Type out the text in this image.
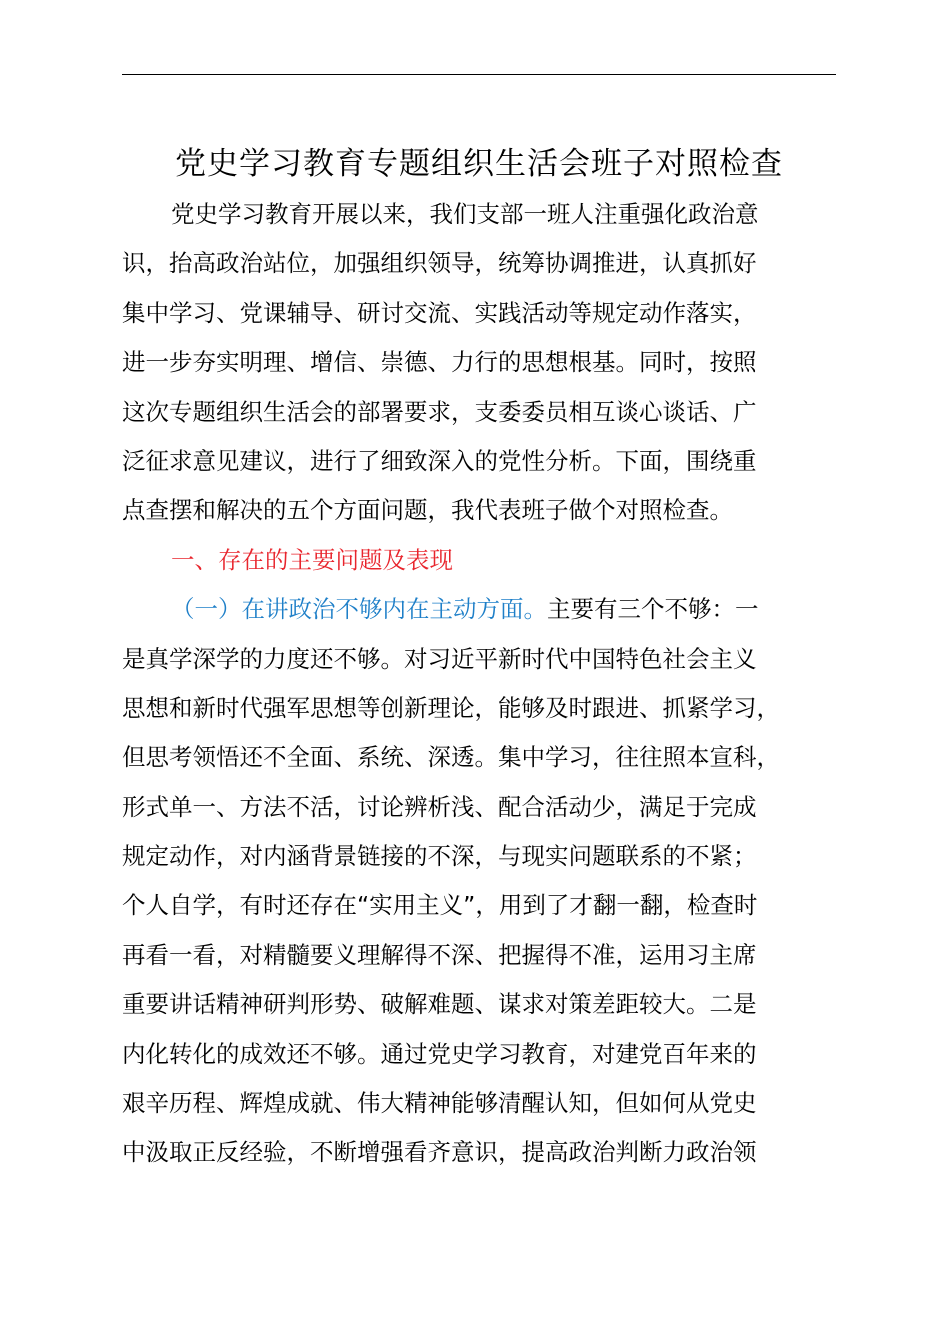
党史学习教育专题组织生活会班子对照检查
党史学习教育开展以来，我们支部一班人注重强化政治意
识，抬高政治站位，加强组织领导，统筹协调推进，认真抓好
集中学习、党课辅导、研讨交流、实践活动等规定动作落实，
进一步夯实明理、增信、崇德、力行的思想根基。同时，按照
这次专题组织生活会的部署要求，支委委员相互谈心谈话、广
泛征求意见建议，进行了细致深入的党性分析。下面，围绕重
点查摆和解决的五个方面问题，我代表班子做个对照检查。
一、存在的主要问题及表现
（一）在讲政治不够内在主动方面。主要有三个不够：一
是真学深学的力度还不够。对习近平新时代中国特色社会主义
思想和新时代强军思想等创新理论，能够及时跟进、抓紧学习，
但思考领悟还不全面、系统、深透。集中学习，往往照本宣科，
形式单一、方法不活，讨论辨析浅、配合活动少，满足于完成
规定动作，对内涵背景链接的不深，与现实问题联系的不紧；
个人自学，有时还存在“实用主义”，用到了才翻一翻，检查时
再看一看，对精髓要义理解得不深、把握得不准，运用习主席
重要讲话精神研判形势、破解难题、谋求对策差距较大。二是
内化转化的成效还不够。通过党史学习教育，对建党百年来的
艰辛历程、辉煌成就、伟大精神能够清醒认知，但如何从党史
中汲取正反经验，不断增强看齐意识，提高政治判断力政治领
